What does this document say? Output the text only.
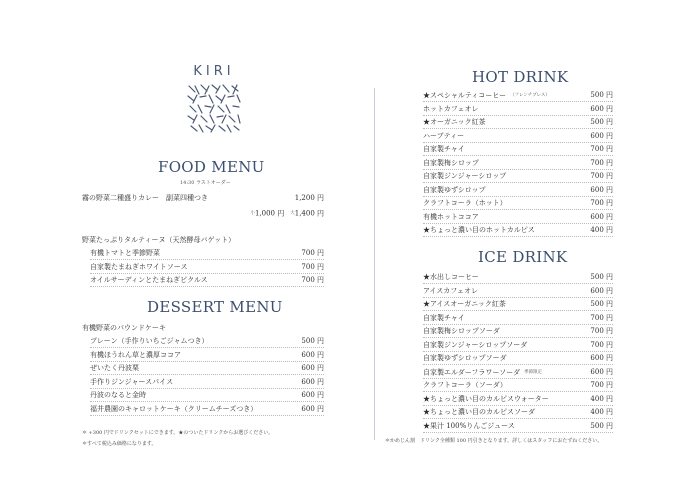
KIRI
FOOD MENU
14:30 ラストオーダー
霧の野菜二種盛りカレー　副菜四種つき	1,200 円
小1,000 円 大1,400 円
野菜たっぷりタルティーヌ（天然酵母バゲット）
有機トマトと季節野菜	700 円
自家製たまねぎホワイトソース	700 円
オイルサーディンとたまねぎピクルス	700 円
DESSERT MENU
有機野菜のパウンドケーキ
プレーン（手作りいちごジャムつき）	500 円
有機ほうれん草と濃厚ココア	600 円
ぜいたく丹波栗	600 円
手作りジンジャースパイス	600 円
丹波のなると金時	600 円
福井農園のキャロットケーキ（クリームチーズつき）	600 円
＊ +300 円でドリンクセットにできます。★のついたドリンクからお選びください。
＊すべて税込み価格になります。
HOT DRINK
★スペシャルティコーヒー （フレンチプレス）	500 円
ホットカフェオレ	600 円
★オーガニック紅茶	500 円
ハーブティー	600 円
自家製チャイ	700 円
自家製梅シロップ	700 円
自家製ジンジャーシロップ	700 円
自家製ゆずシロップ	600 円
クラフトコーラ（ホット）	700 円
有機ホットココア	600 円
★ちょっと濃い目のホットカルピス	400 円
ICE DRINK
★水出しコーヒー	500 円
アイスカフェオレ	600 円
★アイスオーガニック紅茶	500 円
自家製チャイ	700 円
自家製梅シロップソーダ	700 円
自家製ジンジャーシロップソーダ	700 円
自家製ゆずシロップソーダ	600 円
自家製エルダーフラワーソーダ 季節限定	600 円
クラフトコーラ（ソーダ）	700 円
★ちょっと濃い目のカルピスウォーター	400 円
★ちょっと濃い目のカルピスソーダ	400 円
★果汁 100%りんごジュース	500 円
＊かめじん割　ドリンク全種類 100 円引きとなります。詳しくはスタッフにおたずねください。
